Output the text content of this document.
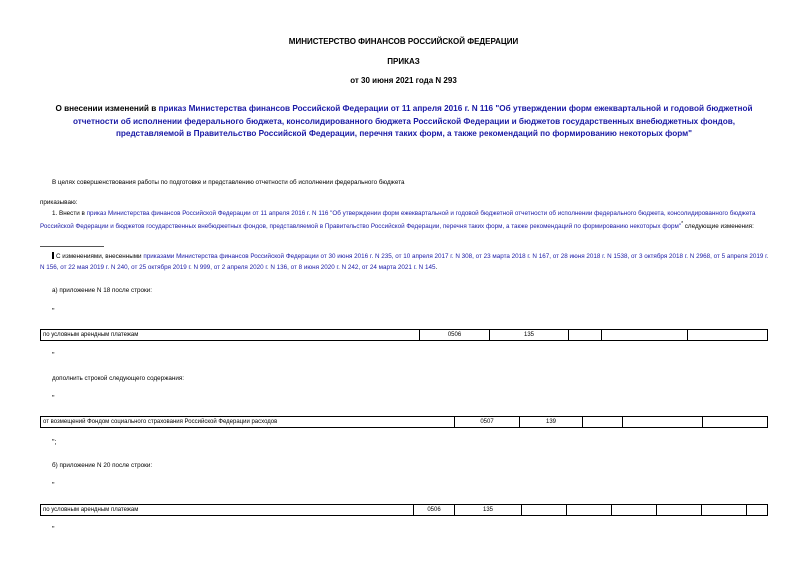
МИНИСТЕРСТВО ФИНАНСОВ РОССИЙСКОЙ ФЕДЕРАЦИИ
ПРИКАЗ
от 30 июня 2021 года N 293
О внесении изменений в приказ Министерства финансов Российской Федерации от 11 апреля 2016 г. N 116 "Об утверждении форм ежеквартальной и годовой бюджетной отчетности об исполнении федерального бюджета, консолидированного бюджета Российской Федерации и бюджетов государственных внебюджетных фондов, представляемой в Правительство Российской Федерации, перечня таких форм, а также рекомендаций по формированию некоторых форм"
В целях совершенствования работы по подготовке и представлению отчетности об исполнении федерального бюджета
приказываю:
1. Внести в приказ Министерства финансов Российской Федерации от 11 апреля 2016 г. N 116 "Об утверждении форм ежеквартальной и годовой бюджетной отчетности об исполнении федерального бюджета, консолидированного бюджета Российской Федерации и бюджетов государственных внебюджетных фондов, представляемой в Правительство Российской Федерации, перечня таких форм, а также рекомендаций по формированию некоторых форм"* следующие изменения:
С изменениями, внесенными приказами Министерства финансов Российской Федерации от 30 июня 2016 г. N 235, от 10 апреля 2017 г. N 308, от 23 марта 2018 г. N 167, от 28 июня 2018 г. N 1538, от 3 октября 2018 г. N 2968, от 5 апреля 2019 г. N 156, от 22 мая 2019 г. N 240, от 25 октября 2019 г. N 999, от 2 апреля 2020 г. N 136, от 8 июня 2020 г. N 242, от 24 марта 2021 г. N 145.
а) приложение N 18 после строки:
"
по условным арендным платежам	0506	135			
"
дополнить строкой следующего содержания:
"
от возмещений Фондом социального страхования Российской Федерации расходов	0507	139			
";
б) приложение N 20 после строки:
"
по условным арендным платежам	0506	135						
"
